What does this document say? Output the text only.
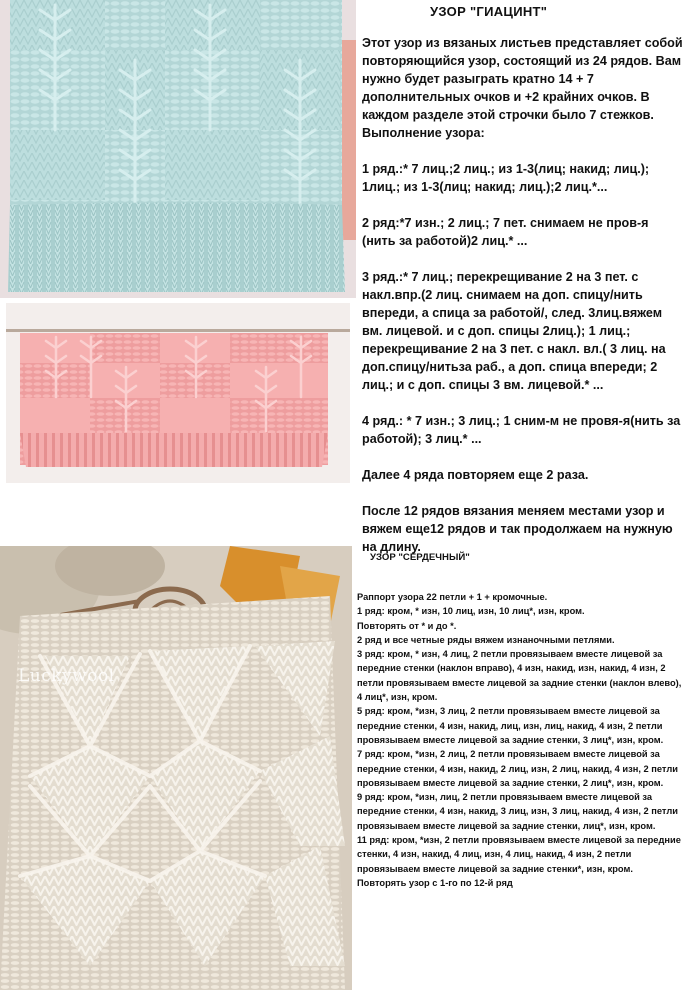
Luckywool
УЗОР "ГИАЦИНТ"

Этот узор из вязаных листьев представляет собой повторяющийся узор, состоящий из 24 рядов. Вам нужно будет разыграть кратно 14 + 7 дополнительных очков и +2 крайних очков. В каждом разделе этой строчки было 7 стежков.

Выполнение узора:

1 ряд.:* 7 лиц.;2 лиц.; из 1-3(лиц; накид; лиц.); 1лиц.; из 1-3(лиц; накид; лиц.);2 лиц.*...

2 ряд:*7 изн.; 2 лиц.; 7 пет. снимаем не пров-я (нить за работой)2 лиц.* ...

3 ряд.:* 7 лиц.; перекрещивание 2 на 3 пет. с накл.впр.(2 лиц. снимаем на доп. спицу/нить впереди, а спица за работой/, след. 3лиц.вяжем вм. лицевой. и с доп. спицы 2лиц.); 1 лиц.; перекрещивание 2 на 3 пет. с накл. вл.( 3 лиц. на доп.спицу/нитьза раб., а доп. спица впереди; 2 лиц.; и с доп. спицы 3 вм. лицевой.* ...

4 ряд.: * 7 изн.; 3 лиц.; 1 сним-м не провя-я(нить за работой); 3 лиц.* ...

Далее 4 ряда повторяем еще 2 раза.

После 12 рядов вязания меняем местами узор и вяжем еще12 рядов и так продолжаем на нужную на длину.

УЗОР "СЕРДЕЧНЫЙ"

Раппорт узора 22 петли + 1 + кромочные.

1 ряд: кром, * изн, 10 лиц, изн, 10 лиц*, изн, кром.

Повторять от * и до *.

2 ряд и все четные ряды вяжем изнаночными петлями.

3 ряд: кром, * изн, 4 лиц, 2 петли провязываем вместе лицевой за передние стенки (наклон вправо), 4 изн, накид, изн, накид, 4 изн, 2 петли провязываем вместе лицевой за задние стенки (наклон влево), 4 лиц*, изн, кром.

5 ряд: кром, *изн, 3 лиц, 2 петли провязываем вместе лицевой за передние стенки, 4 изн, накид, лиц, изн, лиц, накид, 4 изн, 2 петли провязываем вместе лицевой за задние стенки, 3 лиц*, изн, кром.

7 ряд: кром, *изн, 2 лиц, 2 петли провязываем вместе лицевой за передние стенки, 4 изн, накид, 2 лиц, изн, 2 лиц, накид, 4 изн, 2 петли провязываем вместе лицевой за задние стенки, 2 лиц*, изн, кром.

9 ряд: кром, *изн, лиц, 2 петли провязываем вместе лицевой за передние стенки, 4 изн, накид, 3 лиц, изн, 3 лиц, накид, 4 изн, 2 петли провязываем вместе лицевой за задние стенки, лиц*, изн, кром.

11 ряд: кром, *изн, 2 петли провязываем вместе лицевой за передние стенки, 4 изн, накид, 4 лиц, изн, 4 лиц, накид, 4 изн, 2 петли провязываем вместе лицевой за задние стенки*, изн, кром.

Повторять узор с 1-го по 12-й ряд
